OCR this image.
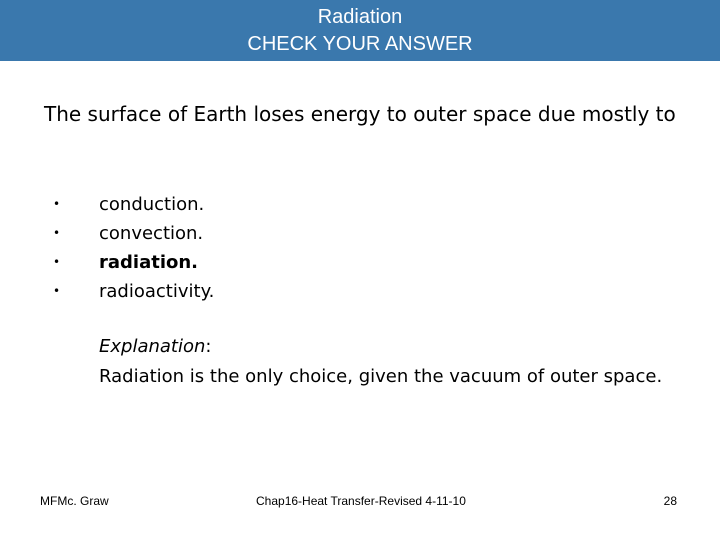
Radiation
CHECK YOUR ANSWER
The surface of Earth loses energy to outer space due mostly to
• conduction.
• convection.
• radiation.
• radioactivity.
Explanation:
Radiation is the only choice, given the vacuum of outer space.
MFMc. Graw	Chap16-Heat Transfer-Revised 4-11-10	28
